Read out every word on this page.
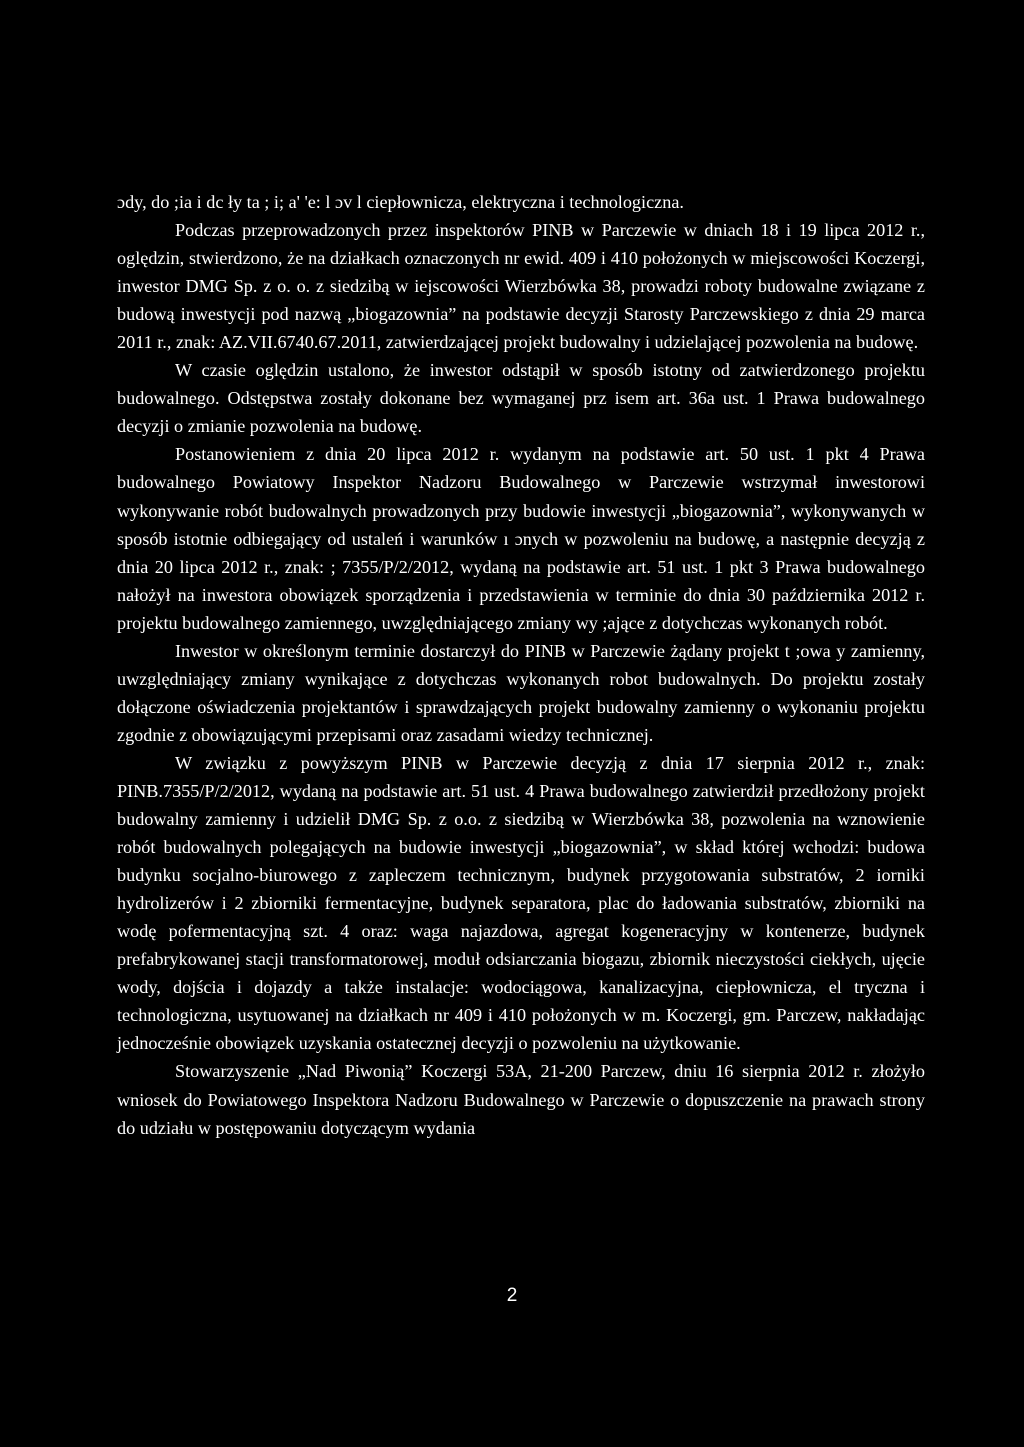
ɔdy, do ;ia i dc ły ta ; i; a' 'e: l ɔv l ciepłownicza, elektryczna i technologiczna.

Podczas przeprowadzonych przez inspektorów PINB w Parczewie w dniach 18 i 19 lipca 2012 r., oględzin, stwierdzono, że na działkach oznaczonych nr ewid. 409 i 410 położonych w miejscowości Koczergi, inwestor DMG Sp. z o. o. z siedzibą w iejscowości Wierzbówka 38, prowadzi roboty budowalne związane z budową inwestycji pod nazwą „biogazownia” na podstawie decyzji Starosty Parczewskiego z dnia 29 marca 2011 r., znak: AZ.VII.6740.67.2011, zatwierdzającej projekt budowalny i udzielającej pozwolenia na budowę.

W czasie oględzin ustalono, że inwestor odstąpił w sposób istotny od zatwierdzonego projektu budowalnego. Odstępstwa zostały dokonane bez wymaganej prz isem art. 36a ust. 1 Prawa budowalnego decyzji o zmianie pozwolenia na budowę.

Postanowieniem z dnia 20 lipca 2012 r. wydanym na podstawie art. 50 ust. 1 pkt 4 Prawa budowalnego Powiatowy Inspektor Nadzoru Budowalnego w Parczewie wstrzymał inwestorowi wykonywanie robót budowalnych prowadzonych przy budowie inwestycji „biogazownia”, wykonywanych w sposób istotnie odbiegający od ustaleń i warunków ı ɔnych w pozwoleniu na budowę, a następnie decyzją z dnia 20 lipca 2012 r., znak: ; 7355/P/2/2012, wydaną na podstawie art. 51 ust. 1 pkt 3 Prawa budowalnego nałożył na inwestora obowiązek sporządzenia i przedstawienia w terminie do dnia 30 października 2012 r. projektu budowalnego zamiennego, uwzględniającego zmiany wy ;ające z dotychczas wykonanych robót.

Inwestor w określonym terminie dostarczył do PINB w Parczewie żądany projekt t ;owa y zamienny, uwzględniający zmiany wynikające z dotychczas wykonanych robot budowalnych. Do projektu zostały dołączone oświadczenia projektantów i sprawdzających projekt budowalny zamienny o wykonaniu projektu zgodnie z obowiązującymi przepisami oraz zasadami wiedzy technicznej.

W związku z powyższym PINB w Parczewie decyzją z dnia 17 sierpnia 2012 r., znak: PINB.7355/P/2/2012, wydaną na podstawie art. 51 ust. 4 Prawa budowalnego zatwierdził przedłożony projekt budowalny zamienny i udzielił DMG Sp. z o.o. z siedzibą w Wierzbówka 38, pozwolenia na wznowienie robót budowalnych polegających na budowie inwestycji „biogazownia”, w skład której wchodzi: budowa budynku socjalno-biurowego z zapleczem technicznym, budynek przygotowania substratów, 2 iorniki hydrolizerów i 2 zbiorniki fermentacyjne, budynek separatora, plac do ładowania substratów, zbiorniki na wodę pofermentacyjną szt. 4 oraz: waga najazdowa, agregat kogeneracyjny w kontenerze, budynek prefabrykowanej stacji transformatorowej, moduł odsiarczania biogazu, zbiornik nieczystości ciekłych, ujęcie wody, dojścia i dojazdy a także instalacje: wodociągowa, kanalizacyjna, ciepłownicza, el tryczna i technologiczna, usytuowanej na działkach nr 409 i 410 położonych w m. Koczergi, gm. Parczew, nakładając jednocześnie obowiązek uzyskania ostatecznej decyzji o pozwoleniu na użytkowanie.

Stowarzyszenie „Nad Piwonią” Koczergi 53A, 21-200 Parczew, dniu 16 sierpnia 2012 r. złożyło wniosek do Powiatowego Inspektora Nadzoru Budowalnego w Parczewie o dopuszczenie na prawach strony do udziału w postępowaniu dotyczącym wydania

2
